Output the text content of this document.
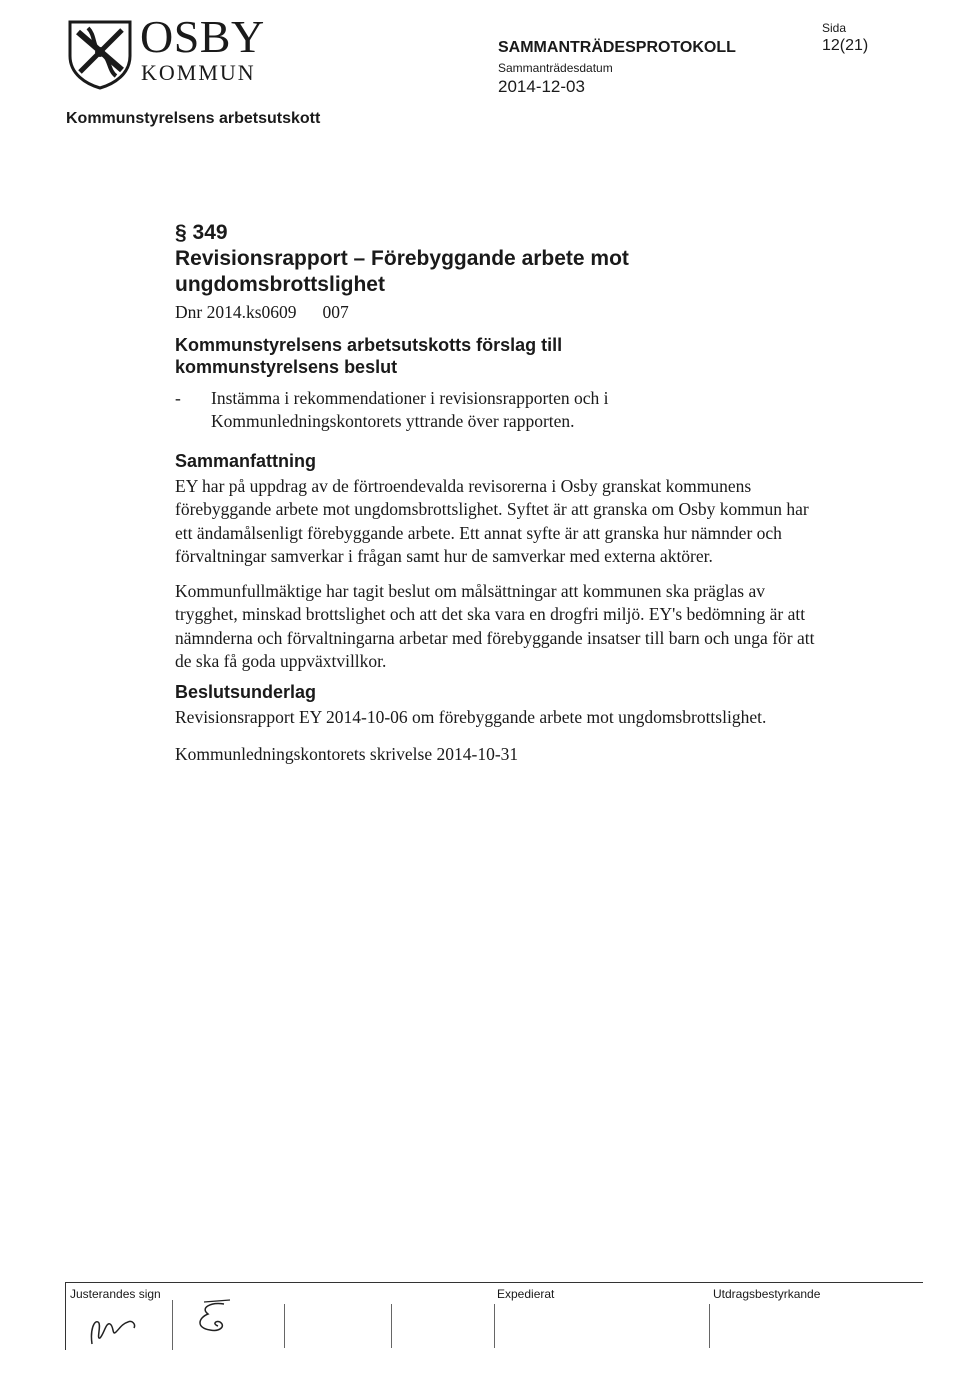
OSBY
KOMMUN
SAMMANTRÄDESPROTOKOLL
Sammanträdesdatum
2014-12-03
Sida
12(21)
Kommunstyrelsens arbetsutskott
§ 349
Revisionsrapport – Förebyggande arbete mot
ungdomsbrottslighet

Dnr 2014.ks0609 007

Kommunstyrelsens arbetsutskotts förslag till
kommunstyrelsens beslut
-	Instämma i rekommendationer i revisionsrapporten och i
Kommunledningskontorets yttrande över rapporten.
Sammanfattning

EY har på uppdrag av de förtroendevalda revisorerna i Osby granskat kommunens förebyggande arbete mot ungdomsbrottslighet. Syftet är att granska om Osby kommun har ett ändamålsenligt förebyggande arbete. Ett annat syfte är att granska hur nämnder och förvaltningar samverkar i frågan samt hur de samverkar med externa aktörer.

Kommunfullmäktige har tagit beslut om målsättningar att kommunen ska präglas av trygghet, minskad brottslighet och att det ska vara en drogfri miljö. EY's bedömning är att nämnderna och förvaltningarna arbetar med förebyggande insatser till barn och unga för att de ska få goda uppväxtvillkor.

Beslutsunderlag

Revisionsrapport EY 2014-10-06 om förebyggande arbete mot ungdomsbrottslighet.

Kommunledningskontorets skrivelse 2014-10-31

Justerandes sign	Expedierat	Utdragsbestyrkande
